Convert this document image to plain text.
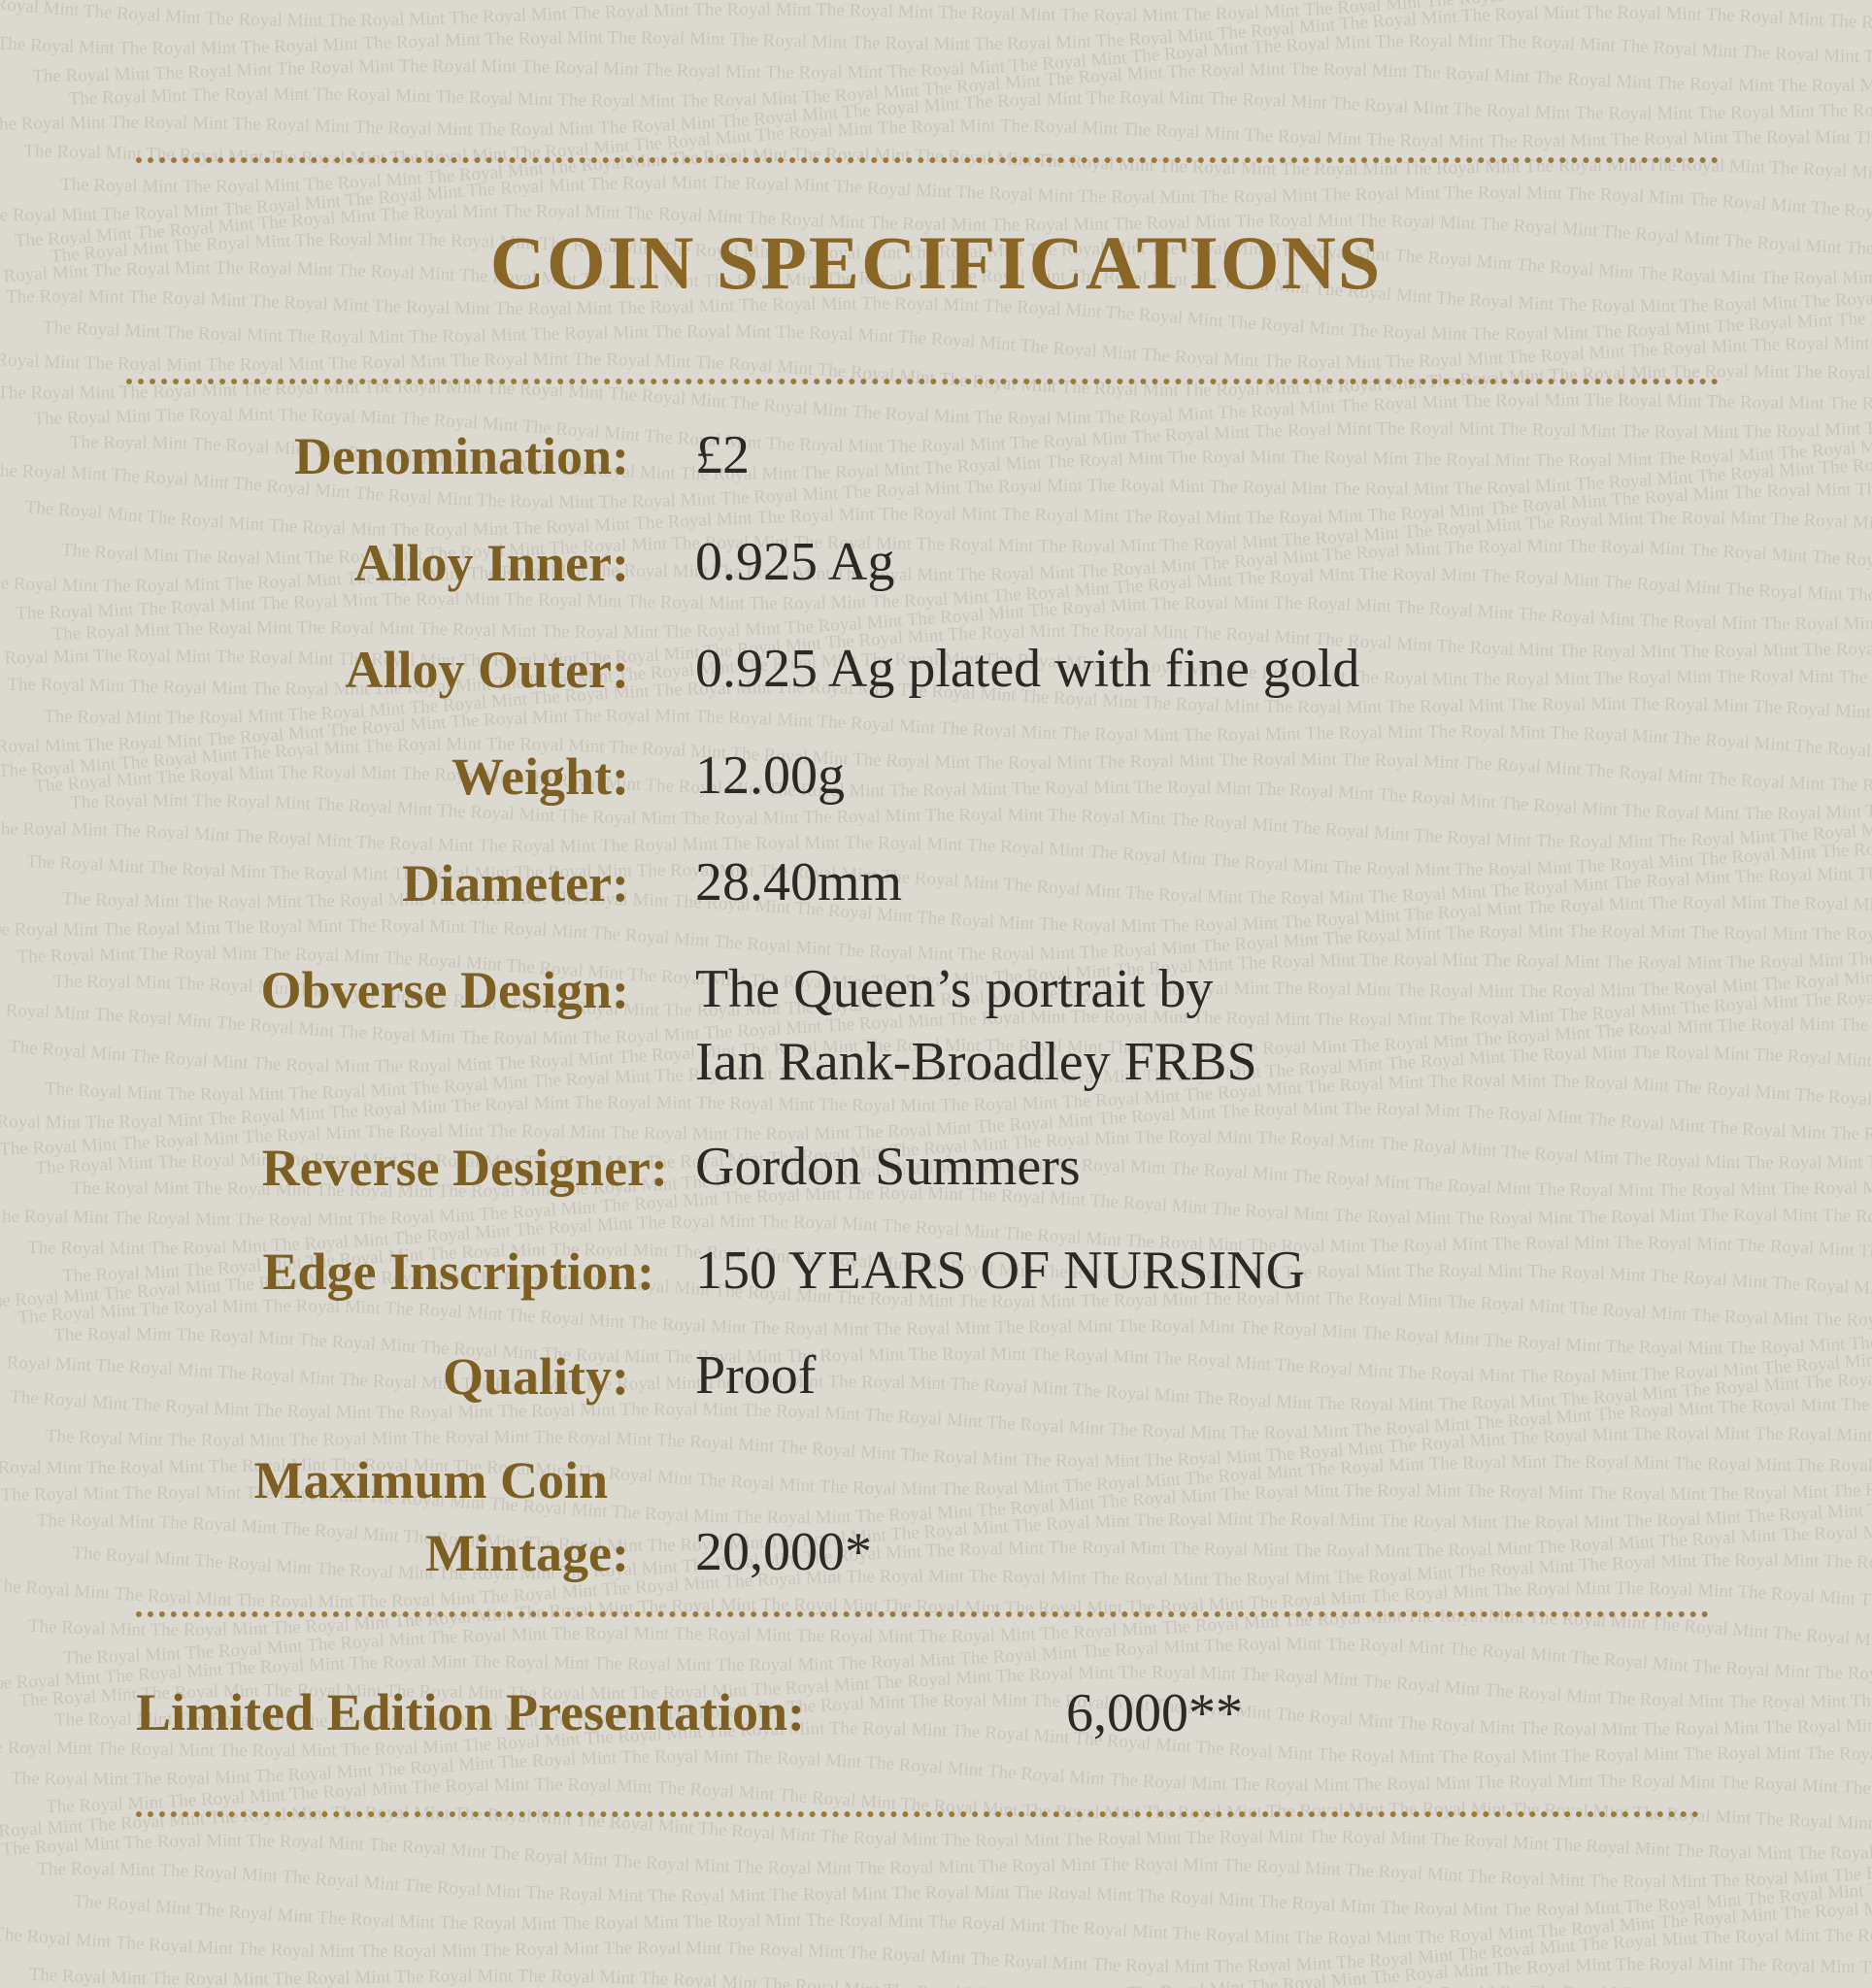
oyal Mint The Royal Mint The Royal Mint The Royal Mint The Royal Mint The Royal Mint The Royal Mint The Royal Mint The Royal Mint The Royal Mint The Royal Mint The Royal Mint Th
he Royal Mint The Royal Mint The Royal Mint The Royal Mint The Royal Mint The Royal Mint The Royal Mint The Royal Mint The Royal Mint The Royal Mint The Royal Mint The Royal Mint The Royal Mint The Royal Mint The Royal Mint The
The Royal Mint The Royal Mint The Royal Mint The Royal Mint The Royal Mint The Royal Mint The Royal Mint The Royal Mint The Royal Mint The Royal Mint The Royal Mint The Royal Mint The Royal Mint The Royal Mint The Royal Mint
The Royal Mint The Royal Mint The Royal Mint The Royal Mint The Royal Mint The Royal Mint The Royal Mint The Royal Mint The Royal Mint The Royal Mint The Royal Mint The Royal Mint The Royal Mint The Royal Mint The Royal
e Royal Mint The Royal Mint The Royal Mint The Royal Mint The Royal Mint The Royal Mint The Royal Mint The Royal Mint The Royal Mint The Royal Mint The Royal Mint The Royal Mint The Royal Mint The Royal Mint The Royal Mint The R
The Royal Mint The Royal Mint The Royal Mint The Royal Mint The Royal Mint The Royal Mint The Royal Mint The Royal Mint The Royal Mint The Royal Mint The Royal Mint The Royal Mint The Royal Mint The Royal Mint The Royal Mint T
The Royal Mint The Royal Mint The Royal Mint The Royal Mint The Royal Mint The Royal Mint The Royal Mint The Royal Mint The Royal Mint The Royal Mint The Royal Mint The Royal Mint The Royal Mint The Royal Mint The Royal M
e Royal Mint The Royal Mint The Royal Mint The Royal Mint The Royal Mint The Royal Mint The Royal Mint The Royal Mint The Royal Mint The Royal Mint The Royal Mint The Royal Mint The Royal Mint The Royal Mint The Royal Mint The Ro
The Royal Mint The Royal Mint The Royal Mint The Royal Mint The Royal Mint The Royal Mint The Royal Mint The Royal Mint The Royal Mint The Royal Mint The Royal Mint The Royal Mint The Royal Mint The Royal Mint The Royal Mint Th
The Royal Mint The Royal Mint The Royal Mint The Royal Mint The Royal Mint The Royal Mint The Royal Mint The Royal Mint The Royal Mint The Royal Mint The Royal Mint The Royal Mint The Royal Mint The Royal Mint The Royal Min
Royal Mint The Royal Mint The Royal Mint The Royal Mint The Royal Mint The Royal Mint The Royal Mint The Royal Mint The Royal Mint The Royal Mint The Royal Mint The Royal Mint The Royal Mint The Royal Mint The Royal Mint The Roy
The Royal Mint The Royal Mint The Royal Mint The Royal Mint The Royal Mint The Royal Mint The Royal Mint The Royal Mint The Royal Mint The Royal Mint The Royal Mint The Royal Mint The Royal Mint The Royal Mint The Royal Mint The
The Royal Mint The Royal Mint The Royal Mint The Royal Mint The Royal Mint The Royal Mint The Royal Mint The Royal Mint The Royal Mint The Royal Mint The Royal Mint The Royal Mint The Royal Mint The Royal Mint The Royal Mint
oyal Mint The Royal Mint The Royal Mint The Royal Mint The Royal Mint The Royal Mint The Royal Mint The Royal Mint The Royal Mint The Royal Mint The Royal Mint The Royal Mint The Royal Mint The Royal Mint The Royal Mint The Royal
he Royal Mint The Royal Mint The Royal Mint The Royal Mint The Royal Mint The Royal Mint The Royal Mint The Royal Mint The Royal Mint The Royal Mint The Royal Mint The Royal Mint The Royal Mint The Royal Mint The Royal Mint The
The Royal Mint The Royal Mint The Royal Mint The Royal Mint The Royal Mint The Royal Mint The Royal Mint The Royal Mint The Royal Mint The Royal Mint The Royal Mint The Royal Mint The Royal Mint The Royal Mint The Royal Mint
The Royal Mint The Royal Mint The Royal Mint The Royal Mint The Royal Mint The Royal Mint The Royal Mint The Royal Mint The Royal Mint The Royal Mint The Royal Mint The Royal Mint The Royal Mint The Royal Mint The Royal
he Royal Mint The Royal Mint The Royal Mint The Royal Mint The Royal Mint The Royal Mint The Royal Mint The Royal Mint The Royal Mint The Royal Mint The Royal Mint The Royal Mint The Royal Mint The Royal Mint The Royal Mint The R
The Royal Mint The Royal Mint The Royal Mint The Royal Mint The Royal Mint The Royal Mint The Royal Mint The Royal Mint The Royal Mint The Royal Mint The Royal Mint The Royal Mint The Royal Mint The Royal Mint The Royal Mint T
The Royal Mint The Royal Mint The Royal Mint The Royal Mint The Royal Mint The Royal Mint The Royal Mint The Royal Mint The Royal Mint The Royal Mint The Royal Mint The Royal Mint The Royal Mint The Royal Mint The Royal M
e Royal Mint The Royal Mint The Royal Mint The Royal Mint The Royal Mint The Royal Mint The Royal Mint The Royal Mint The Royal Mint The Royal Mint The Royal Mint The Royal Mint The Royal Mint The Royal Mint The Royal Mint The Ro
The Royal Mint The Royal Mint The Royal Mint The Royal Mint The Royal Mint The Royal Mint The Royal Mint The Royal Mint The Royal Mint The Royal Mint The Royal Mint The Royal Mint The Royal Mint The Royal Mint The Royal Mint Th
The Royal Mint The Royal Mint The Royal Mint The Royal Mint The Royal Mint The Royal Mint The Royal Mint The Royal Mint The Royal Mint The Royal Mint The Royal Mint The Royal Mint The Royal Mint The Royal Mint The Royal Mi
Royal Mint The Royal Mint The Royal Mint The Royal Mint The Royal Mint The Royal Mint The Royal Mint The Royal Mint The Royal Mint The Royal Mint The Royal Mint The Royal Mint The Royal Mint The Royal Mint The Royal Mint The Roy
The Royal Mint The Royal Mint The Royal Mint The Royal Mint The Royal Mint The Royal Mint The Royal Mint The Royal Mint The Royal Mint The Royal Mint The Royal Mint The Royal Mint The Royal Mint The Royal Mint The Royal Mint The
The Royal Mint The Royal Mint The Royal Mint The Royal Mint The Royal Mint The Royal Mint The Royal Mint The Royal Mint The Royal Mint The Royal Mint The Royal Mint The Royal Mint The Royal Mint The Royal Mint The Royal Mint
oyal Mint The Royal Mint The Royal Mint The Royal Mint The Royal Mint The Royal Mint The Royal Mint The Royal Mint The Royal Mint The Royal Mint The Royal Mint The Royal Mint The Royal Mint The Royal Mint The Royal Mint The Royal
he Royal Mint The Royal Mint The Royal Mint The Royal Mint The Royal Mint The Royal Mint The Royal Mint The Royal Mint The Royal Mint The Royal Mint The Royal Mint The Royal Mint The Royal Mint The Royal Mint The Royal Mint The
The Royal Mint The Royal Mint The Royal Mint The Royal Mint The Royal Mint The Royal Mint The Royal Mint The Royal Mint The Royal Mint The Royal Mint The Royal Mint The Royal Mint The Royal Mint The Royal Mint The Royal Mint
The Royal Mint The Royal Mint The Royal Mint The Royal Mint The Royal Mint The Royal Mint The Royal Mint The Royal Mint The Royal Mint The Royal Mint The Royal Mint The Royal Mint The Royal Mint The Royal Mint The Royal
he Royal Mint The Royal Mint The Royal Mint The Royal Mint The Royal Mint The Royal Mint The Royal Mint The Royal Mint The Royal Mint The Royal Mint The Royal Mint The Royal Mint The Royal Mint The Royal Mint The Royal Mint The R
The Royal Mint The Royal Mint The Royal Mint The Royal Mint The Royal Mint The Royal Mint The Royal Mint The Royal Mint The Royal Mint The Royal Mint The Royal Mint The Royal Mint The Royal Mint The Royal Mint The Royal Mint T
The Royal Mint The Royal Mint The Royal Mint The Royal Mint The Royal Mint The Royal Mint The Royal Mint The Royal Mint The Royal Mint The Royal Mint The Royal Mint The Royal Mint The Royal Mint The Royal Mint The Royal M
e Royal Mint The Royal Mint The Royal Mint The Royal Mint The Royal Mint The Royal Mint The Royal Mint The Royal Mint The Royal Mint The Royal Mint The Royal Mint The Royal Mint The Royal Mint The Royal Mint The Royal Mint The Ro
The Royal Mint The Royal Mint The Royal Mint The Royal Mint The Royal Mint The Royal Mint The Royal Mint The Royal Mint The Royal Mint The Royal Mint The Royal Mint The Royal Mint The Royal Mint The Royal Mint The Royal Mint Th
The Royal Mint The Royal Mint The Royal Mint The Royal Mint The Royal Mint The Royal Mint The Royal Mint The Royal Mint The Royal Mint The Royal Mint The Royal Mint The Royal Mint The Royal Mint The Royal Mint The Royal Mi
Royal Mint The Royal Mint The Royal Mint The Royal Mint The Royal Mint The Royal Mint The Royal Mint The Royal Mint The Royal Mint The Royal Mint The Royal Mint The Royal Mint The Royal Mint The Royal Mint The Royal Mint The Roy
The Royal Mint The Royal Mint The Royal Mint The Royal Mint The Royal Mint The Royal Mint The Royal Mint The Royal Mint The Royal Mint The Royal Mint The Royal Mint The Royal Mint The Royal Mint The Royal Mint The Royal Mint The
The Royal Mint The Royal Mint The Royal Mint The Royal Mint The Royal Mint The Royal Mint The Royal Mint The Royal Mint The Royal Mint The Royal Mint The Royal Mint The Royal Mint The Royal Mint The Royal Mint The Royal Mint
oyal Mint The Royal Mint The Royal Mint The Royal Mint The Royal Mint The Royal Mint The Royal Mint The Royal Mint The Royal Mint The Royal Mint The Royal Mint The Royal Mint The Royal Mint The Royal Mint The Royal Mint The Roya
The Royal Mint The Royal Mint The Royal Mint The Royal Mint The Royal Mint The Royal Mint The Royal Mint The Royal Mint The Royal Mint The Royal Mint The Royal Mint The Royal Mint The Royal Mint The Royal Mint The Royal Mint The
The Royal Mint The Royal Mint The Royal Mint The Royal Mint The Royal Mint The Royal Mint The Royal Mint The Royal Mint The Royal Mint The Royal Mint The Royal Mint The Royal Mint The Royal Mint The Royal Mint The Royal Mint
The Royal Mint The Royal Mint The Royal Mint The Royal Mint The Royal Mint The Royal Mint The Royal Mint The Royal Mint The Royal Mint The Royal Mint The Royal Mint The Royal Mint The Royal Mint The Royal Mint The Royal
he Royal Mint The Royal Mint The Royal Mint The Royal Mint The Royal Mint The Royal Mint The Royal Mint The Royal Mint The Royal Mint The Royal Mint The Royal Mint The Royal Mint The Royal Mint The Royal Mint The Royal Mint The R
The Royal Mint The Royal Mint The Royal Mint The Royal Mint The Royal Mint The Royal Mint The Royal Mint The Royal Mint The Royal Mint The Royal Mint The Royal Mint The Royal Mint The Royal Mint The Royal Mint The Royal Mint T
The Royal Mint The Royal Mint The Royal Mint The Royal Mint The Royal Mint The Royal Mint The Royal Mint The Royal Mint The Royal Mint The Royal Mint The Royal Mint The Royal Mint The Royal Mint The Royal Mint The Royal M
e Royal Mint The Royal Mint The Royal Mint The Royal Mint The Royal Mint The Royal Mint The Royal Mint The Royal Mint The Royal Mint The Royal Mint The Royal Mint The Royal Mint The Royal Mint The Royal Mint The Royal Mint The Ro
The Royal Mint The Royal Mint The Royal Mint The Royal Mint The Royal Mint The Royal Mint The Royal Mint The Royal Mint The Royal Mint The Royal Mint The Royal Mint The Royal Mint The Royal Mint The Royal Mint The Royal Mint Th
The Royal Mint The Royal Mint The Royal Mint The Royal Mint The Royal Mint The Royal Mint The Royal Mint The Royal Mint The Royal Mint The Royal Mint The Royal Mint The Royal Mint The Royal Mint The Royal Mint The Royal Mi
Royal Mint The Royal Mint The Royal Mint The Royal Mint The Royal Mint The Royal Mint The Royal Mint The Royal Mint The Royal Mint The Royal Mint The Royal Mint The Royal Mint The Royal Mint The Royal Mint The Royal Mint The Roy
The Royal Mint The Royal Mint The Royal Mint The Royal Mint The Royal Mint The Royal Mint The Royal Mint The Royal Mint The Royal Mint The Royal Mint The Royal Mint The Royal Mint The Royal Mint The Royal Mint The Royal Mint The
The Royal Mint The Royal Mint The Royal Mint The Royal Mint The Royal Mint The Royal Mint The Royal Mint The Royal Mint The Royal Mint The Royal Mint The Royal Mint The Royal Mint The Royal Mint The Royal Mint The Royal Mint
oyal Mint The Royal Mint The Royal Mint The Royal Mint The Royal Mint The Royal Mint The Royal Mint The Royal Mint The Royal Mint The Royal Mint The Royal Mint The Royal Mint The Royal Mint The Royal Mint The Royal Mint The Roya
The Royal Mint The Royal Mint The Royal Mint The Royal Mint The Royal Mint The Royal Mint The Royal Mint The Royal Mint The Royal Mint The Royal Mint The Royal Mint The Royal Mint The Royal Mint The Royal Mint The Royal Mint The
The Royal Mint The Royal Mint The Royal Mint The Royal Mint The Royal Mint The Royal Mint The Royal Mint The Royal Mint The Royal Mint The Royal Mint The Royal Mint The Royal Mint The Royal Mint The Royal Mint The Royal Mint
The Royal Mint The Royal Mint The Royal Mint The Royal Mint The Royal Mint The Royal Mint The Royal Mint The Royal Mint The Royal Mint The Royal Mint The Royal Mint The Royal Mint The Royal Mint The Royal Mint The Royal
he Royal Mint The Royal Mint The Royal Mint The Royal Mint The Royal Mint The Royal Mint The Royal Mint The Royal Mint The Royal Mint The Royal Mint The Royal Mint The Royal Mint The Royal Mint The Royal Mint The Royal Mint The R
The Royal Mint The Royal Mint The Royal Mint The Royal Mint The Royal Mint The Royal Mint The Royal Mint The Royal Mint The Royal Mint The Royal Mint The Royal Mint The Royal Mint The Royal Mint The Royal Mint The Royal Mint T
The Royal Mint The Royal Mint The Royal Mint The Royal Mint The Royal Mint The Royal Mint The Royal Mint The Royal Mint The Royal Mint The Royal Mint The Royal Mint The Royal Mint The Royal Mint The Royal Mint The Royal M
e Royal Mint The Royal Mint The Royal Mint The Royal Mint The Royal Mint The Royal Mint The Royal Mint The Royal Mint The Royal Mint The Royal Mint The Royal Mint The Royal Mint The Royal Mint The Royal Mint The Royal Mint The Ro
The Royal Mint The Royal Mint The Royal Mint The Royal Mint The Royal Mint The Royal Mint The Royal Mint The Royal Mint The Royal Mint The Royal Mint The Royal Mint The Royal Mint The Royal Mint The Royal Mint The Royal Mint Th
The Royal Mint The Royal Mint The Royal Mint The Royal Mint The Royal Mint The Royal Mint The Royal Mint The Royal Mint The Royal Mint The Royal Mint The Royal Mint The Royal Mint The Royal Mint The Royal Mint The Royal Mi
Royal Mint The Royal Mint The Royal Mint The Royal Mint The Royal Mint The Royal Mint The Royal Mint The Royal Mint The Royal Mint The Royal Mint The Royal Mint The Royal Mint The Royal Mint The Royal Mint The Royal Mint The Roy
The Royal Mint The Royal Mint The Royal Mint The Royal Mint The Royal Mint The Royal Mint The Royal Mint The Royal Mint The Royal Mint The Royal Mint The Royal Mint The Royal Mint The Royal Mint The Royal Mint The Royal Mint The
The Royal Mint The Royal Mint The Royal Mint The Royal Mint The Royal Mint The Royal Mint The Royal Mint The Royal Mint The Royal Mint The Royal Mint The Royal Mint The Royal Mint The Royal Mint The Royal Mint The Royal Min
oyal Mint The Royal Mint The Royal Mint The Royal Mint The Royal Mint The Royal Mint The Royal Mint The Royal Mint The Royal Mint The Royal Mint The Royal Mint The Royal Mint The Royal Mint The Royal Mint The Royal Mint The Roya
The Royal Mint The Royal Mint The Royal Mint The Royal Mint The Royal Mint The Royal Mint The Royal Mint The Royal Mint The Royal Mint The Royal Mint The Royal Mint The Royal Mint The Royal Mint The Royal Mint The Royal Mint The
The Royal Mint The Royal Mint The Royal Mint The Royal Mint The Royal Mint The Royal Mint The Royal Mint The Royal Mint The Royal Mint The Royal Mint The Royal Mint The Royal Mint The Royal Mint The Royal Mint The Royal Mint
The Royal Mint The Royal Mint The Royal Mint The Royal Mint The Royal Mint The Royal Mint The Royal Mint The Royal Mint The Royal Mint The Royal Mint The Royal Mint The Royal Mint The Royal Mint The Royal Mint The Royal
he Royal Mint The Royal Mint The Royal Mint The Royal Mint The Royal Mint The Royal Mint The Royal Mint The Royal Mint The Royal Mint The Royal Mint The Royal Mint The Royal Mint The Royal Mint The Royal Mint The Royal Mint The R
The Royal Mint The Royal Mint The Royal Mint The Royal Mint The Royal Mint The Royal Mint The Roya t The Royal Mint The Royal Mint The Royal Mint The Royal Mint The Royal Mint T
COIN SPECIFICATIONS
Denomination: £2
Alloy Inner: 0.925 Ag
Alloy Outer: 0.925 Ag plated with fine gold
Weight: 12.00g
Diameter: 28.40mm
Obverse Design: The Queen’s portrait by
Ian Rank-Broadley FRBS
Reverse Designer: Gordon Summers
Edge Inscription: 150 YEARS OF NURSING
Quality: Proof
Maximum Coin
Mintage: 20,000*
Limited Edition Presentation:	6,000**
